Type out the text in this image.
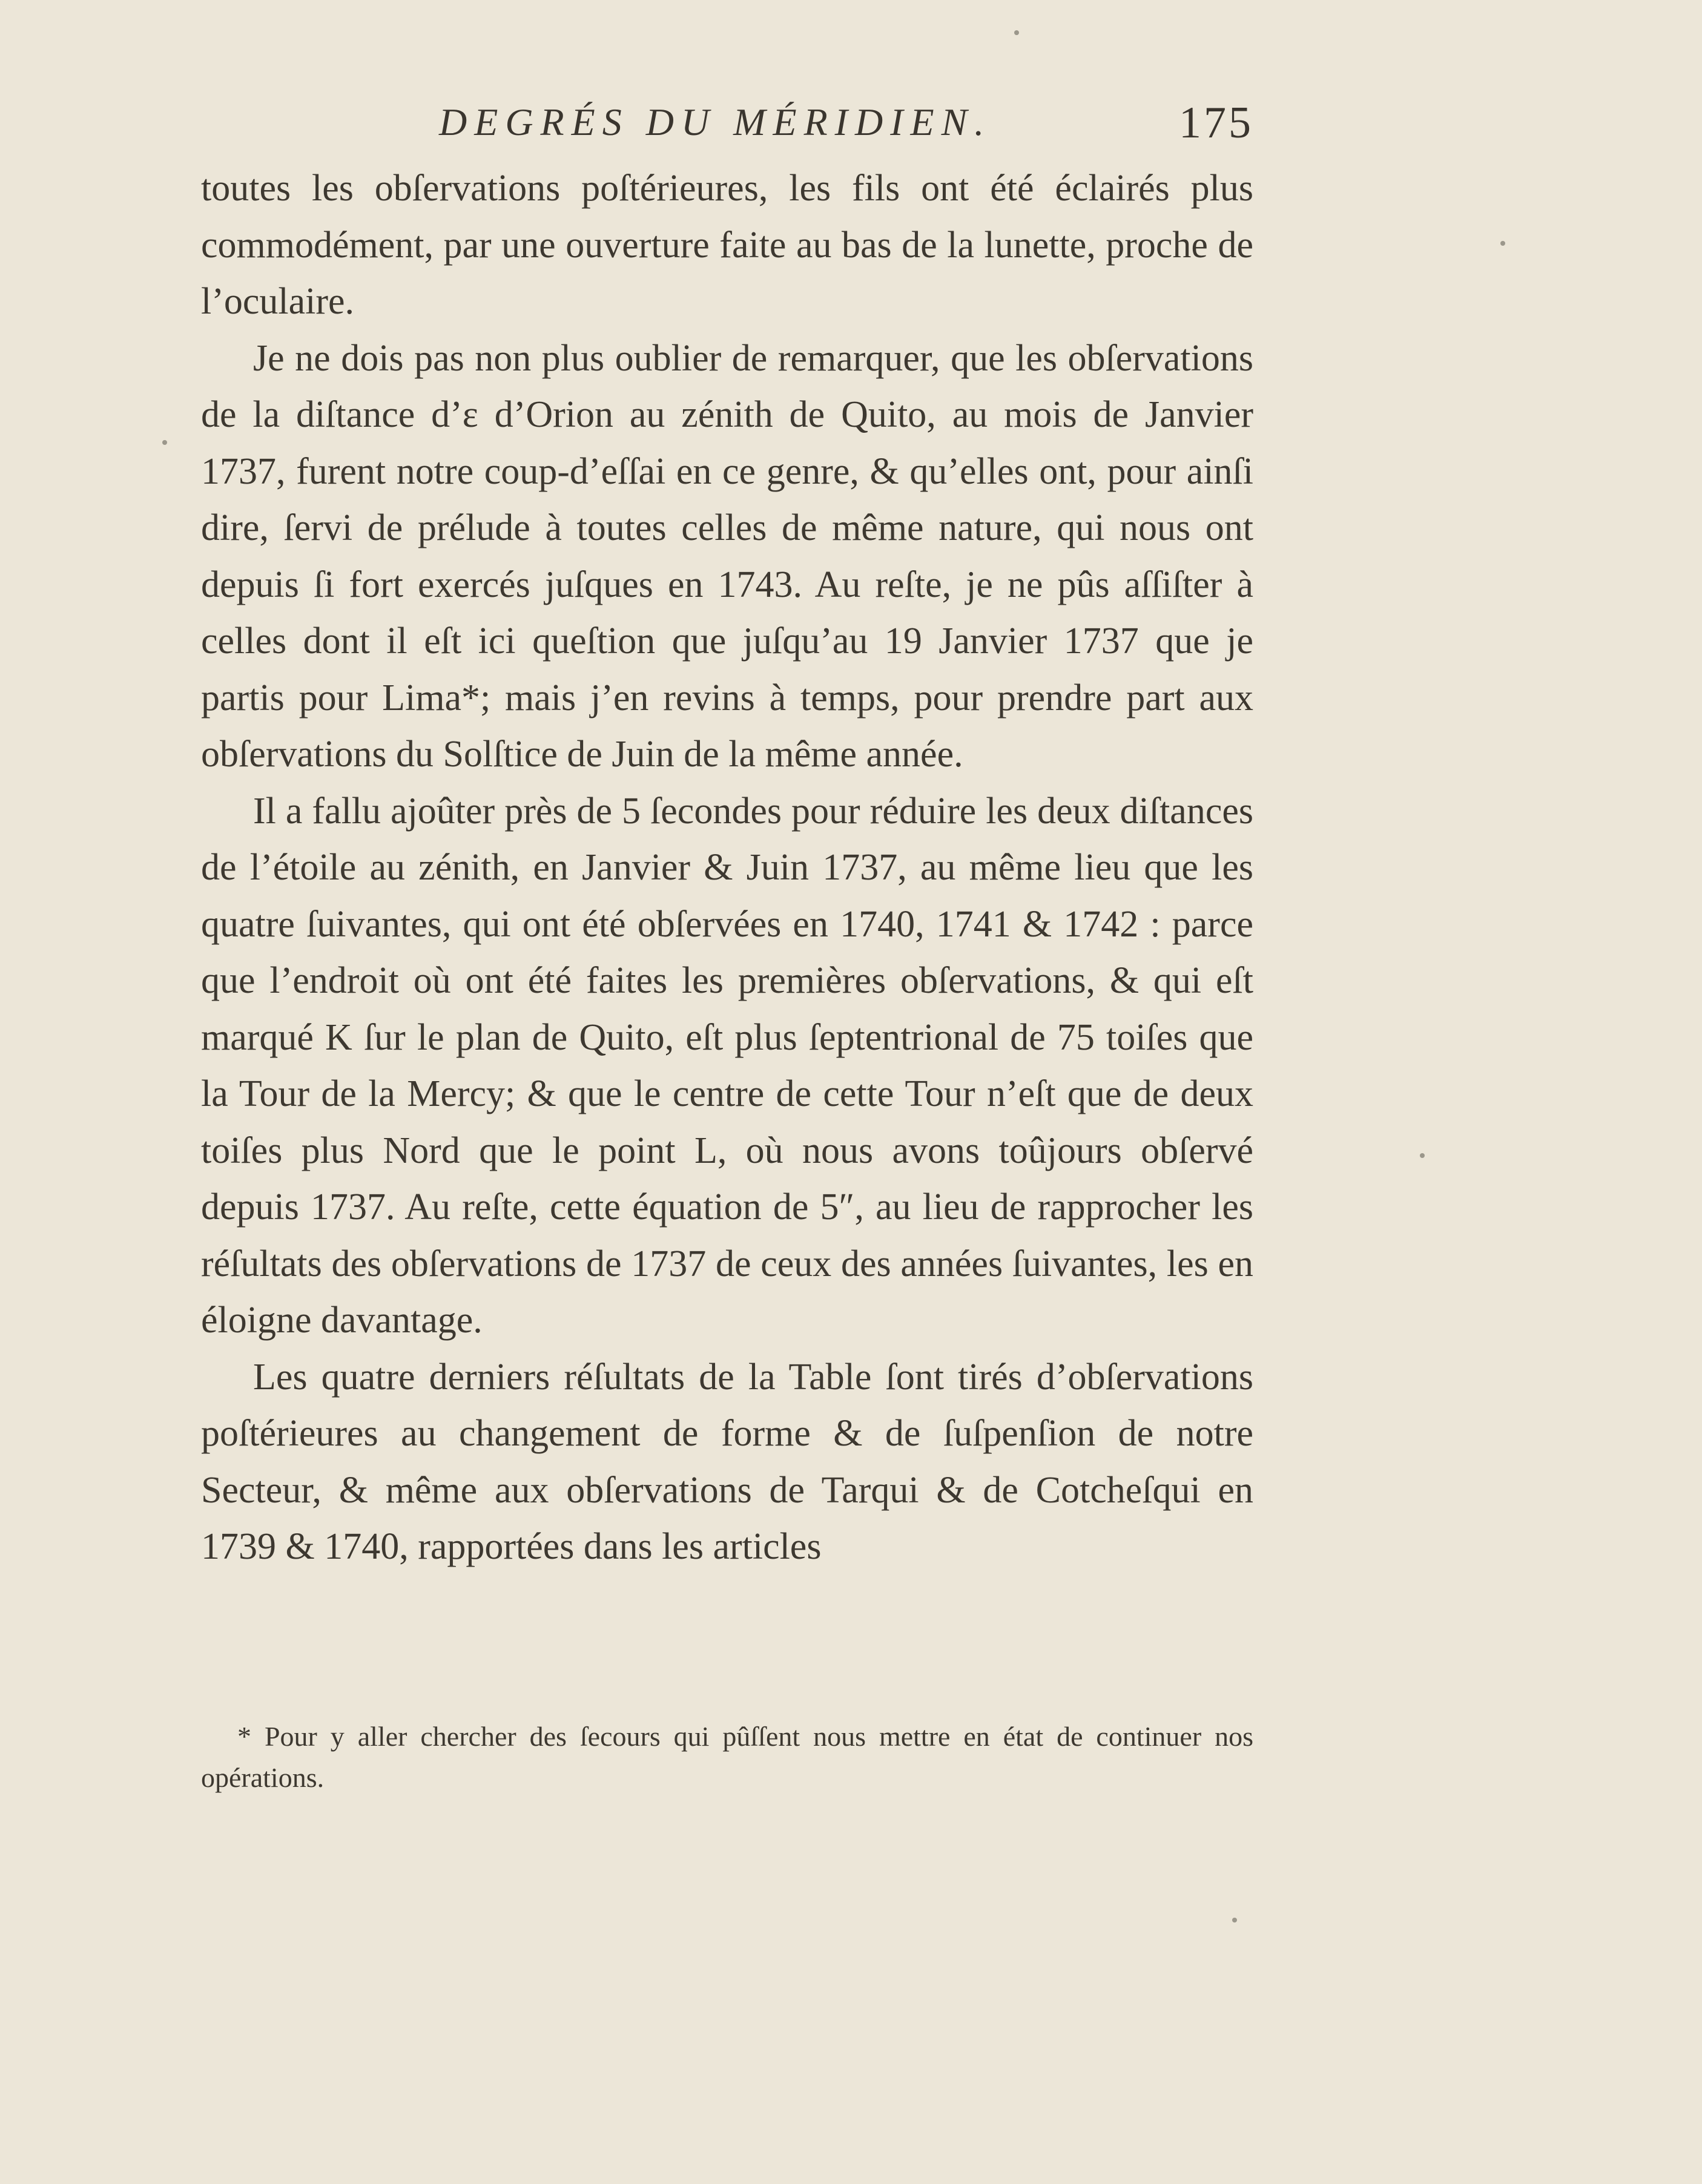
DEGRÉS DU MÉRIDIEN.	175

toutes les obſervations poſtérieures, les fils ont été éclairés plus commodément, par une ouverture faite au bas de la lunette, proche de l’oculaire.

Je ne dois pas non plus oublier de remarquer, que les obſervations de la diſtance d’ε d’Orion au zénith de Quito, au mois de Janvier 1737, furent notre coup-d’eſſai en ce genre, & qu’elles ont, pour ainſi dire, ſervi de prélude à toutes celles de même nature, qui nous ont depuis ſi fort exercés juſques en 1743. Au reſte, je ne pûs aſſiſter à celles dont il eſt ici queſtion que juſqu’au 19 Janvier 1737 que je partis pour Lima*; mais j’en revins à temps, pour prendre part aux obſervations du Solſtice de Juin de la même année.

Il a fallu ajoûter près de 5 ſecondes pour réduire les deux diſtances de l’étoile au zénith, en Janvier & Juin 1737, au même lieu que les quatre ſuivantes, qui ont été obſervées en 1740, 1741 & 1742 : parce que l’endroit où ont été faites les premières obſervations, & qui eſt marqué K ſur le plan de Quito, eſt plus ſeptentrional de 75 toiſes que la Tour de la Mercy; & que le centre de cette Tour n’eſt que de deux toiſes plus Nord que le point L, où nous avons toûjours obſervé depuis 1737. Au reſte, cette équation de 5″, au lieu de rapprocher les réſultats des obſervations de 1737 de ceux des années ſuivantes, les en éloigne davantage.

Les quatre derniers réſultats de la Table ſont tirés d’obſervations poſtérieures au changement de forme & de ſuſpenſion de notre Secteur, & même aux obſervations de Tarqui & de Cotcheſqui en 1739 & 1740, rapportées dans les articles

* Pour y aller chercher des ſecours qui pûſſent nous mettre en état de continuer nos opérations.
